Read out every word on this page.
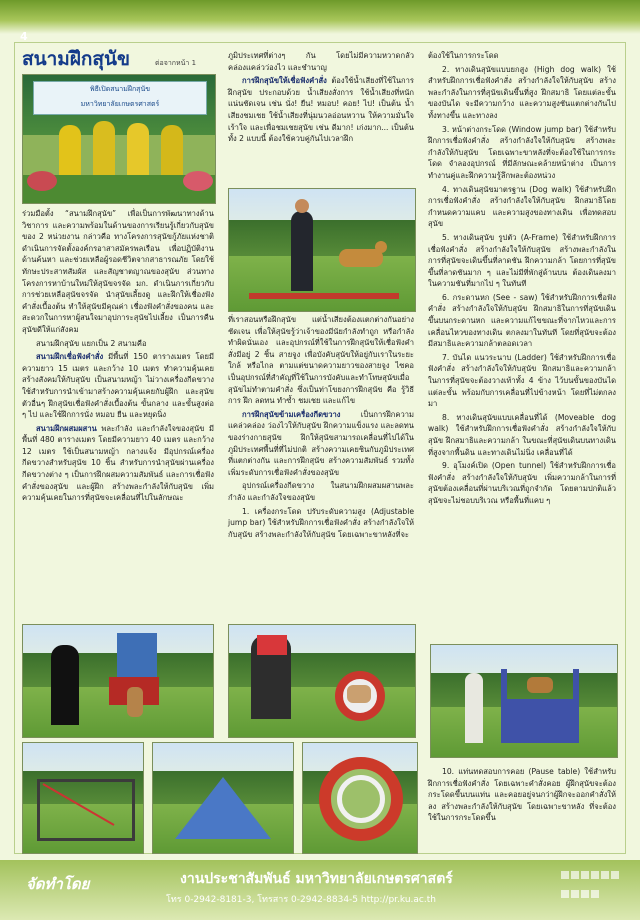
4
สนามฝึกสุนัข	ต่อจากหน้า 1
พิธีเปิดสนามฝึกสุนัข
มหาวิทยาลัยเกษตรศาสตร์

ร่วมมือตั้ง “สนามฝึกสุนัข” เพื่อเป็นการพัฒนาทางด้านวิชาการ และความพร้อมในด้านของการเรียนรู้เกี่ยวกับสุนัขของ 2 หน่วยงาน กล่าวคือ ทางโครงการสุนัขกู้ภัยแห่งชาติดำเนินการจัดตั้งองค์กรอาสาสมัครพลเรือน เพื่อปฏิบัติงานด้านค้นหา และช่วยเหลือผู้รอดชีวิตจากสาธารณภัย โดยใช้ทักษะประสาทสัมผัส และสัญชาตญาณของสุนัข ส่วนทางโครงการหาบ้านใหม่ให้สุนัขจรจัด มก. ดำเนินการเกี่ยวกับการช่วยเหลือสุนัขจรจัด นำสุนัขเลี้ยงดู และฝึกให้เชื่องฟังคำสั่งเบื้องต้น ทำให้สุนัขมีคุณค่า เชื่องฟังคำสั่งของคน และสะดวกในการหาผู้สนใจมาอุปการะสุนัขไปเลี้ยง เป็นการคืนสุนัขดีให้แก่สังคม

สนามฝึกสุนัข แยกเป็น 2 สนามคือ

สนามฝึกเชื่อฟังคำสั่ง มีพื้นที่ 150 ตารางเมตร โดยมีความยาว 15 เมตร และกว้าง 10 เมตร ทำความคุ้นเคยสร้างสังคมให้กับสุนัข เป็นสนามหญ้า ไม่วางเครื่องกีดขวาง ใช้สำหรับการนำเข้ามาสร้างความคุ้นเคยกับผู้ฝึก และสุนัขตัวอื่นๆ ฝึกสุนัขเชื่อฟังคำสั่งเบื้องต้น ขั้นกลาง และขั้นสูงต่อ ๆ ไป และใช้ฝึกการนั่ง หมอบ ยืน และหยุดนิ่ง

สนามฝึกผสมผสาน พละกำลัง และกำลังใจของสุนัข มีพื้นที่ 480 ตารางเมตร โดยมีความยาว 40 เมตร และกว้าง 12 เมตร ใช้เป็นสนามหญ้า กลางแจ้ง มีอุปกรณ์เครื่องกีดขวางสำหรับสุนัข 10 ชิ้น สำหรับการนำสุนัขผ่านเครื่องกีดขวางต่าง ๆ เป็นการฝึกผสมความสัมพันธ์ และการเชื่อฟังคำสั่งของสุนัข และผู้ฝึก สร้างพละกำลังให้กับสุนัข เพิ่มความคุ้นเคยในการที่สุนัขจะเคลื่อนที่ไปในลักษณะ

ภูมิประเทศที่ต่างๆ กัน โดยไม่มีความหวาดกลัว คล่องแคล่วว่องไว และชำนาญ

การฝึกสุนัขให้เชื่อฟังคำสั่ง ต้องใช้น้ำเสียงที่ใช้ในการฝึกสุนัข ประกอบด้วย น้ำเสียงสั่งการ ใช้น้ำเสียงที่หนักแน่นชัดเจน เช่น นั่ง! ยืน! หมอบ! คอย! ไป! เป็นต้น น้ำเสียงชมเชย ใช้น้ำเสียงที่นุ่มนวลอ่อนหวาน ให้ความมั่นใจ เร้าใจ และเพื่อชมเชยสุนัข เช่น ดีมาก! เก่งมาก... เป็นต้น ทั้ง 2 แบบนี้ ต้องใช้ควบคู่กันไปเวลาฝึก

ที่เราสอนหรือฝึกสุนัข แต่น้ำเสียงต้องแตกต่างกันอย่างชัดเจน เพื่อให้สุนัขรู้ว่าเจ้าของมีนัยกำลังทำถูก หรือกำลังทำผิดนั่นเอง และอุปกรณ์ที่ใช้ในการฝึกสุนัขให้เชื่อฟังคำสั่งมีอยู่ 2 ชิ้น สายจูง เพื่อบังคับสุนัขให้อยู่กับเราในระยะใกล้ หรือไกล ตามแต่ขนาดความยาวของสายจูง ไซคอ เป็นอุปกรณ์ที่สำคัญที่ใช้ในการบังคับและทำโทษสุนัขเมื่อสุนัขไม่ทำตามคำสั่ง ซึ่งเป็นท่าโขยงการฝึกสุนัข คือ รู้วิธีการ ฝึก ลดทน ทำซ้ำ ชมเชย และแก้ไข

การฝึกสุนัขข้ามเครื่องกีดขวาง	เป็นการฝึกความแคล่วคล่อง ว่องไวให้กับสุนัข ฝึกความแข็งแรง และลดทนของร่างกายสุนัข ฝึกให้สุนัขสามารถเคลื่อนที่ไปได้ในภูมิประเทศพื้นที่ที่ไม่ปกติ สร้างความเคยชินกับภูมิประเทศที่แตกต่างกัน และการฝึกสุนัข สร้างความสัมพันธ์ รวมทั้งเพิ่มระดับการเชื่อฟังคำสั่งของสุนัข

อุปกรณ์เครื่องกีดขวาง ในสนามฝึกผสมผสานพละกำลัง และกำลังใจของสุนัข

1. เครื่องกระโดด ปรับระดับความสูง (Adjustable jump bar) ใช้สำหรับฝึกการเชื่อฟังคำสั่ง สร้างกำลังใจให้กับสุนัข สร้างพละกำลังให้กับสุนัข โดยเฉพาะขาหลังที่จะ

ต้องใช้ในการกระโดด

2. ทางเดินสุนัขแบบยกสูง (High dog walk) ใช้สำหรับฝึกการเชื่อฟังคำสั่ง สร้างกำลังใจให้กับสุนัข สร้างพละกำลังในการที่สุนัขเดินขึ้นที่สูง ฝึกสมาธิ โดยแต่ละขั้นของบันได จะมีความกว้าง และความสูงชันแตกต่างกันไป ทั้งทางขึ้น และทางลง

3. หน้าต่างกระโดด (Window jump bar) ใช้สำหรับฝึกการเชื่อฟังคำสั่ง สร้างกำลังใจให้กับสุนัข สร้างพละกำลังให้กับสุนัข โดยเฉพาะขาหลังที่จะต้องใช้ในการกระโดด จำลองอุปกรณ์ ที่มีลักษณะคล้ายหน้าต่าง เป็นการทำงานคู่และฝึกความรู้ลึกพละต้องหน่วง

4. ทางเดินสุนัขมาตรฐาน (Dog walk) ใช้สำหรับฝึกการเชื่อฟังคำสั่ง สร้างกำลังใจให้กับสุนัข ฝึกสมาธิโดยกำหนดความแคบ และความสูงของทางเดิน เพื่อทดสอบสุนัข

5. ทางเดินสุนัข รูปตัว (A-Frame) ใช้สำหรับฝึกการเชื่อฟังคำสั่ง สร้างกำลังใจให้กับสุนัข สร้างพละกำลังในการที่สุนัขจะเดินขึ้นที่ลาดชัน ฝึกความกล้า โดยการที่สุนัขขึ้นที่ลาดชันมาก ๆ และไม่มีที่พักสู่ด้านบน ต้องเดินลงมาในความชันที่มากไป ๆ ในทันที

6. กระดานหก (See - saw) ใช้สำหรับฝึกการเชื่อฟังคำสั่ง สร้างกำลังใจให้กับสุนัข ฝึกสมาธิในการที่สุนัขเดินขึ้นบนกระดานหก และความแก้ไขขณะที่จากไหวและการเคลื่อนไหวของทางเดิน ตกลงมาในทันที โดยที่สุนัขจะต้องมีสมาธิและความกล้าตลอดเวลา

7. บันได แนวระนาบ (Ladder) ใช้สำหรับฝึกการเชื่อฟังคำสั่ง สร้างกำลังใจให้กับสุนัข ฝึกสมาธิและความกล้า ในการที่สุนัขจะต้องวางเท้าทั้ง 4 ข้าง ไว้บนขั้นของบันได แต่ละขั้น พร้อมกับการเคลื่อนที่ไปข้างหน้า โดยที่ไม่ตกลงมา

8. ทางเดินสุนัขแบบเคลื่อนที่ได้ (Moveable dog walk) ใช้สำหรับฝึกการเชื่อฟังคำสั่ง สร้างกำลังใจให้กับสุนัข ฝึกสมาธิและความกล้า ในขณะที่สุนัขเดินบนทางเดินที่สูงจากพื้นดิน และทางเดินไม่นิ่ง เคลื่อนที่ได้

9. อุโมงค์เปิด (Open tunnel) ใช้สำหรับฝึกการเชื่อฟังคำสั่ง สร้างกำลังใจให้กับสุนัข เพิ่มความกล้าในการที่สุนัขต้องเคลื่อนที่ผ่านบริเวณที่ถูกจำกัด โดยตามปกติแล้วสุนัขจะไม่ชอบบริเวณ หรือพื้นที่แคบ ๆ

10. แท่นทดสอบการคอย (Pause table) ใช้สำหรับฝึกการเชื่อฟังคำสั่ง โดยเฉพาะคำสั่งคอย ผู้ฝึกสุนัขจะต้องกระโดดขึ้นบนแท่น และคอยอยู่จนกว่าผู้ฝึกจะออกคำสั่งให้ลง สร้างพละกำลังให้กับสุนัข โดยเฉพาะขาหลัง ที่จะต้องใช้ในการกระโดดขึ้น

จัดทำโดย	งานประชาสัมพันธ์ มหาวิทยาลัยเกษตรศาสตร์
โทร 0-2942-8181-3, โทรสาร 0-2942-8834-5 http://pr.ku.ac.th
